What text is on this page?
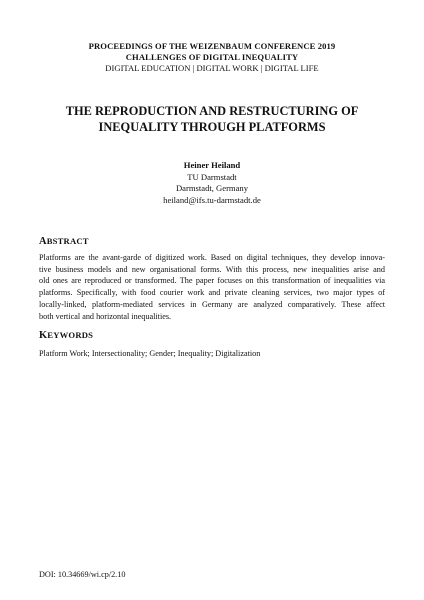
PROCEEDINGS OF THE WEIZENBAUM CONFERENCE 2019
CHALLENGES OF DIGITAL INEQUALITY
DIGITAL EDUCATION | DIGITAL WORK | DIGITAL LIFE
THE REPRODUCTION AND RESTRUCTURING OF
INEQUALITY THROUGH PLATFORMS
Heiner Heiland
TU Darmstadt
Darmstadt, Germany
heiland@ifs.tu-darmstadt.de
ABSTRACT
Platforms are the avant-garde of digitized work. Based on digital techniques, they develop innova-
tive business models and new organisational forms. With this process, new inequalities arise and
old ones are reproduced or transformed. The paper focuses on this transformation of inequalities via
platforms. Specifically, with food courier work and private cleaning services, two major types of
locally-linked, platform-mediated services in Germany are analyzed comparatively. These affect
both vertical and horizontal inequalities.
KEYWORDS
Platform Work; Intersectionality; Gender; Inequality; Digitalization
DOI: 10.34669/wi.cp/2.10
